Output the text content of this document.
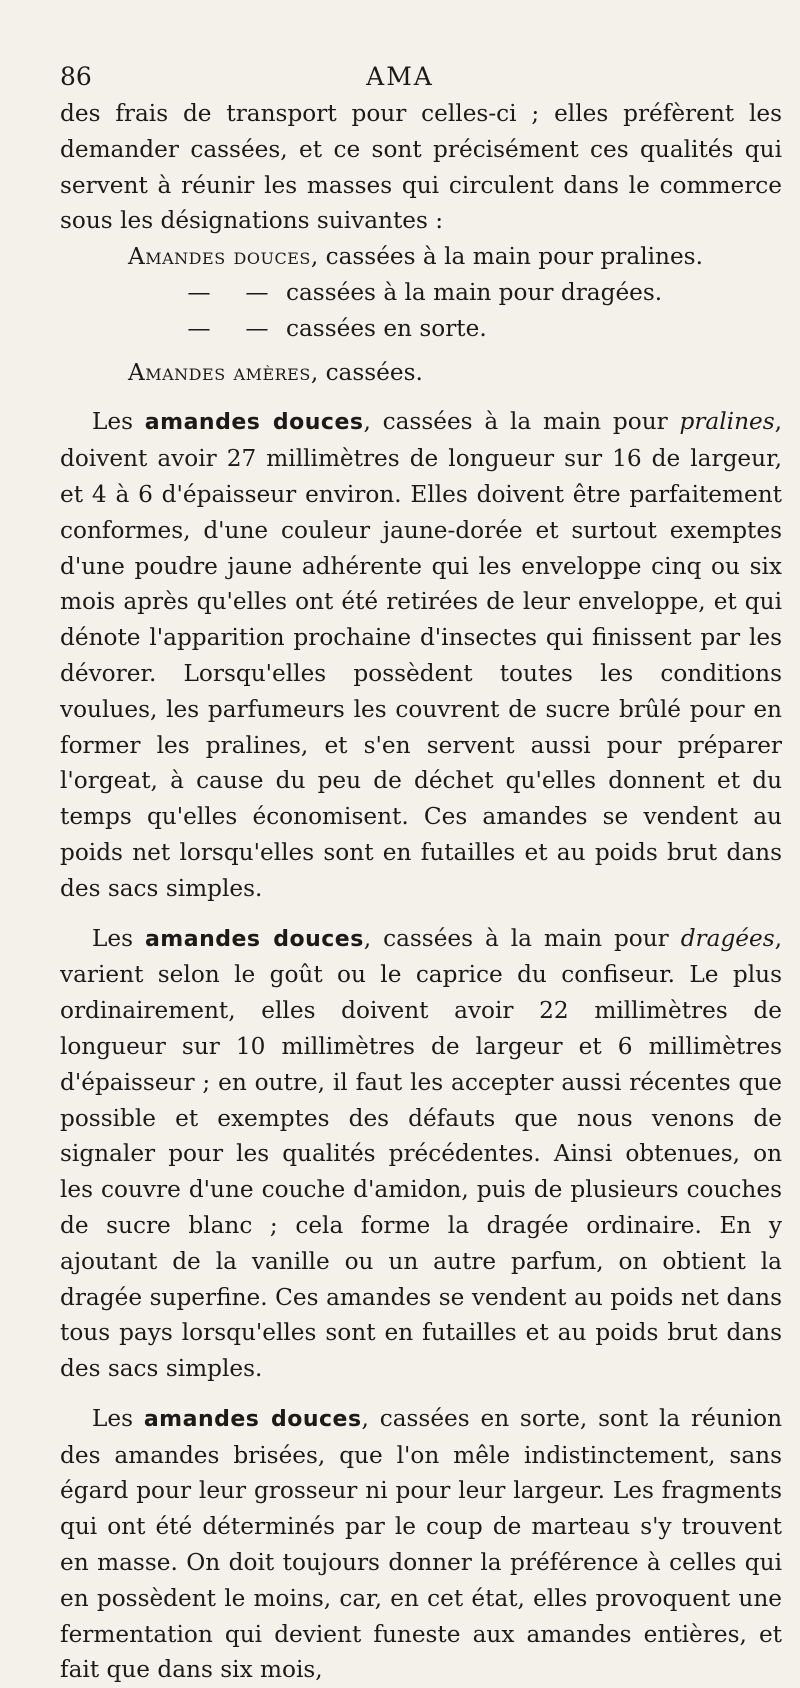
86	AMA

des frais de transport pour celles-ci ; elles préfèrent les demander cassées, et ce sont précisément ces qualités qui servent à réunir les masses qui circulent dans le commerce sous les désignations suivantes :

Amandes douces , cassées à la main pour pralines.
—	— cassées à la main pour dragées.
—	— cassées en sorte.
Amandes amères , cassées.

Les amandes douces, cassées à la main pour pralines, doivent avoir 27 millimètres de longueur sur 16 de largeur, et 4 à 6 d'épaisseur environ. Elles doivent être parfaitement conformes, d'une couleur jaune-dorée et surtout exemptes d'une poudre jaune adhérente qui les enveloppe cinq ou six mois après qu'elles ont été retirées de leur enveloppe, et qui dénote l'apparition prochaine d'insectes qui finissent par les dévorer. Lorsqu'elles possèdent toutes les conditions voulues, les parfumeurs les couvrent de sucre brûlé pour en former les pralines, et s'en servent aussi pour préparer l'orgeat, à cause du peu de déchet qu'elles donnent et du temps qu'elles économisent. Ces amandes se vendent au poids net lorsqu'elles sont en futailles et au poids brut dans des sacs simples.

Les amandes douces, cassées à la main pour dragées, varient selon le goût ou le caprice du confiseur. Le plus ordinairement, elles doivent avoir 22 millimètres de longueur sur 10 millimètres de largeur et 6 millimètres d'épaisseur ; en outre, il faut les accepter aussi récentes que possible et exemptes des défauts que nous venons de signaler pour les qualités précédentes. Ainsi obtenues, on les couvre d'une couche d'amidon, puis de plusieurs couches de sucre blanc ; cela forme la dragée ordinaire. En y ajoutant de la vanille ou un autre parfum, on obtient la dragée superfine. Ces amandes se vendent au poids net dans tous pays lorsqu'elles sont en futailles et au poids brut dans des sacs simples.

Les amandes douces, cassées en sorte, sont la réunion des amandes brisées, que l'on mêle indistinctement, sans égard pour leur grosseur ni pour leur largeur. Les fragments qui ont été déterminés par le coup de marteau s'y trouvent en masse. On doit toujours donner la préférence à celles qui en possèdent le moins, car, en cet état, elles provoquent une fermentation qui devient funeste aux amandes entières, et fait que dans six mois,
